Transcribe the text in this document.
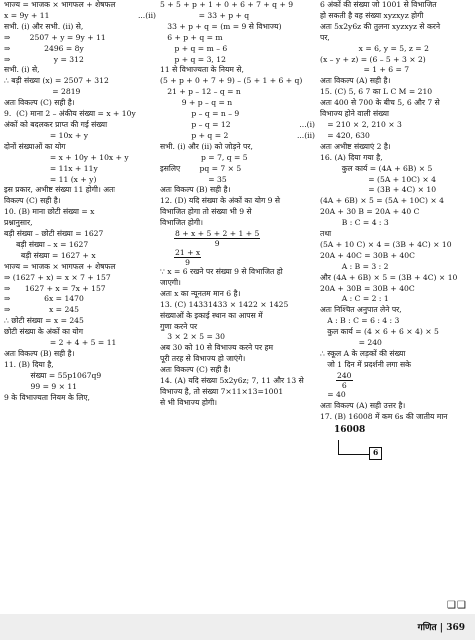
भाज्य = भाजक × भागफल + शेषफल
x = 9y + 11	...(ii)
सभी. (i) और सभी. (ii) से,
⇒        2507 + y = 9y + 11
⇒              2496 = 8y
⇒                  y = 312
सभी. (i) से,
∴ बड़ी संख्या (x) = 2507 + 312
= 2819
अतः विकल्प (C) सही है।
9.  (C) माना 2 – अंकीय संख्या = x + 10y
अंकों को बदलकर प्राप्त की गई संख्या
= 10x + y
दोनों संख्याओं का योग
= x + 10y + 10x + y
= 11x + 11y
= 11 (x + y)
इस प्रकार, अभीष्ट संख्या 11 होगी। अतः
विकल्प (C) सही है।
10. (B) माना छोटी संख्या = x
प्रश्नानुसार,
बड़ी संख्या – छोटी संख्या = 1627
बड़ी संख्या – x = 1627
बड़ी संख्या = 1627 + x
भाज्य = भाजक × भागफल + शेषफल
⇒ (1627 + x) = x × 7 + 157
⇒      1627 + x = 7x + 157
⇒              6x = 1470
⇒                x = 245
∴ छोटी संख्या = x = 245
छोटी संख्या के अंकों का योग
= 2 + 4 + 5 = 11
अतः विकल्प (B) सही है।
11. (B) दिया है,
संख्या = 55p1067q9
99 = 9 × 11
9 के विभाज्यता नियम के लिए,
5 + 5 + p + 1 + 0 + 6 + 7 + q + 9
= 33 + p + q
33 + p + q = (m = 9 से विभाज्य)
6 + p + q = m
p + q = m – 6
p + q = 3, 12
11 से विभाज्यता के नियम से,
(5 + p + 0 + 7 + 9) – (5 + 1 + 6 + q)
21 + p – 12 – q = n
9 + p – q = n
p – q = n – 9
p – q = 12	...(i)
p + q = 2	...(ii)
सभी. (i) और (ii) को जोड़ने पर,
p = 7, q = 5
इसलिए        pq = 7 × 5
= 35
अतः विकल्प (B) सही है।
12. (D) यदि संख्या के अंकों का योग 9 से
विभाजित होगा तो संख्या भी 9 से
विभाजित होगी।
$\frac{8 + x + 5 + 2 + 1 + 5}{9}$
$\frac{21 + x}{9}$
∵ x = 6 रखने पर संख्या 9 से विभाजित हो
जाएगी।
अतः x का न्यूनतम मान 6 है।
13. (C) 14331433 × 1422 × 1425
संख्याओं के इकाई स्थान का आपस में
गुणा करने पर
3 × 2 × 5 = 30
अब 30 को 10 से विभाज्य करने पर हम
पूरी तरह से विभाज्य हो जाएंगे।
अतः विकल्प (C) सही है।
14. (A) यदि संख्या 5x2y6z; 7, 11 और 13 से
विभाज्य है, तो संख्या 7×11×13=1001
से भी विभाज्य होगी।
6 अंकों की संख्या जो 1001 से विभाजित
हो सकती है वह संख्या xyzxyz होगी
अतः 5x2y6z की तुलना xyzxyz से करने
पर,
x = 6, y = 5, z = 2
(x – y + z) = (6 – 5 + 3 × 2)
= 1 + 6 = 7
अतः विकल्प (A) सही है।
15. (C) 5, 6 7 का L C M = 210
अतः 400 से 700 के बीच 5, 6 और 7 से
विभाज्य होने वाली संख्या
= 210 × 2, 210 × 3
= 420, 630
अतः अभीष्ट संख्याएं 2 है।
16. (A) दिया गया है,
कुल कार्य = (4A + 6B) × 5
= (5A + 10C) × 4
= (3B + 4C) × 10
(4A + 6B) × 5 = (5A + 10C) × 4
20A + 30 B = 20A + 40 C
B : C = 4 : 3
तथा
(5A + 10 C) × 4 = (3B + 4C) × 10
20A + 40C = 30B + 40C
A : B = 3 : 2
और (4A + 6B) × 5 = (3B + 4C) × 10
20A + 30B = 30B + 40C
A : C = 2 : 1
अतः निश्चित अनुपात लेने पर,
A : B : C = 6 : 4 : 3
कुल कार्य = (4 × 6 + 6 × 4) × 5
= 240
∴ स्कूल A के लड़कों की संख्या
जो 1 दिन में प्रदर्शनी लगा सके
$\frac{240}{6}$
= 40
अतः विकल्प (A) सही उत्तर है।
17. (B) 16008 में कम 6s की जातीय मान
16008
6
❑❑
गणित | 369
